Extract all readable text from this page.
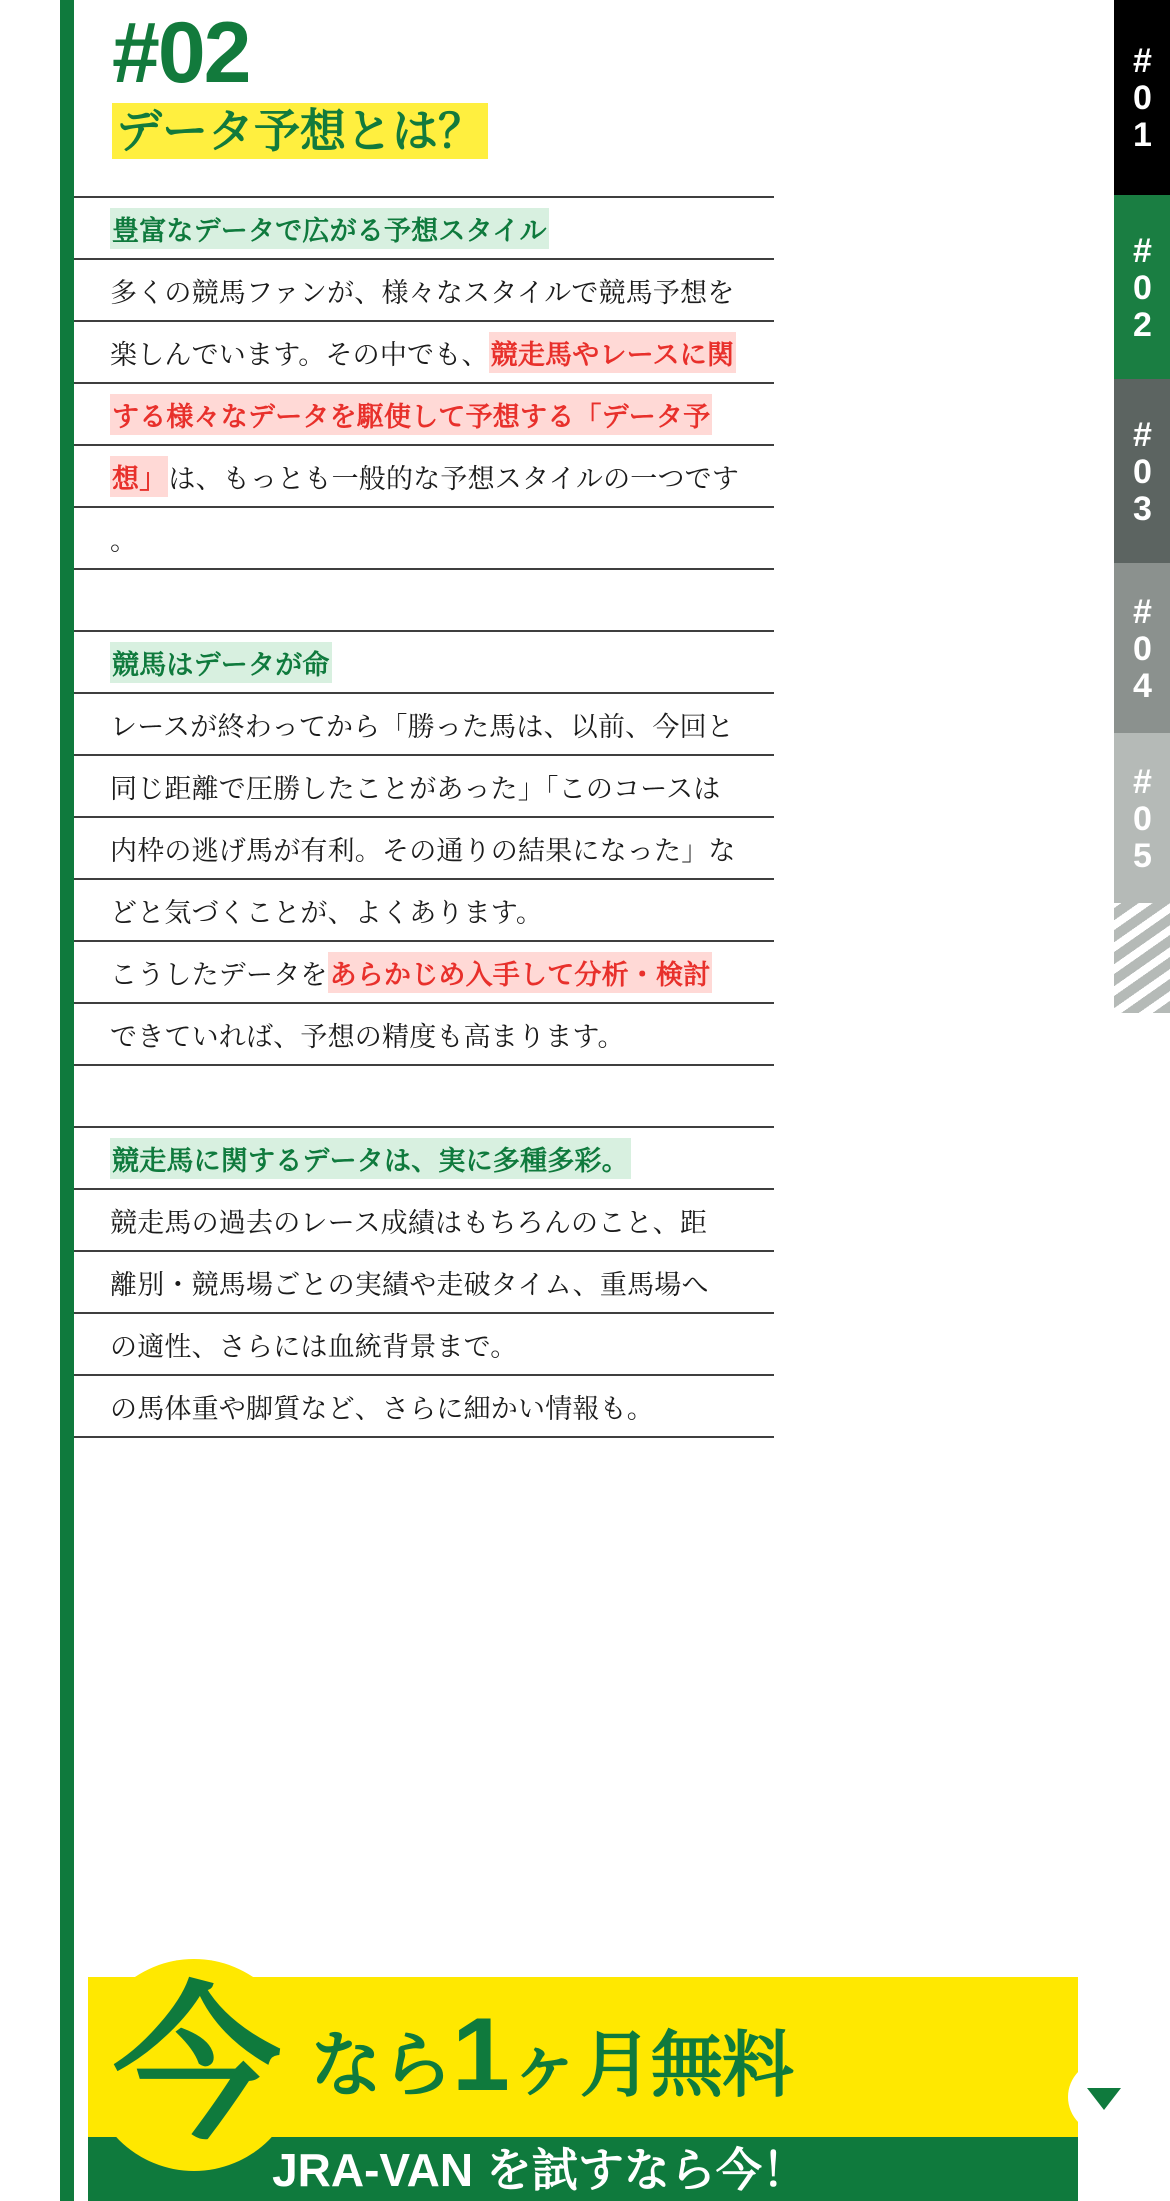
#02
データ予想とは？
豊富なデータで広がる予想スタイル
多くの競馬ファンが、様々なスタイルで競馬予想を
楽しんでいます。その中でも、 競走馬やレースに関
する様々なデータを駆使して予想する「データ予
想」 は、もっとも一般的な予想スタイルの一つです
。
競馬はデータが命
レースが終わってから「勝った馬は、以前、今回と
同じ距離で圧勝したことがあった」「このコースは
内枠の逃げ馬が有利。その通りの結果になった」な
どと気づくことが、よくあります。
こうしたデータを あらかじめ入手して分析・検討
できていれば、予想の精度も高まります。
競走馬に関するデータは、実に多種多彩。
競走馬の過去のレース成績はもちろんのこと、距
離別・競馬場ごとの実績や走破タイム、重馬場へ
の適性、さらには血統背景まで。
の馬体重や脚質など、さらに細かい情報も。
#01
#02
#03
#04
#05
今 なら1ヶ月無料
JRA-VAN を試すなら今！
